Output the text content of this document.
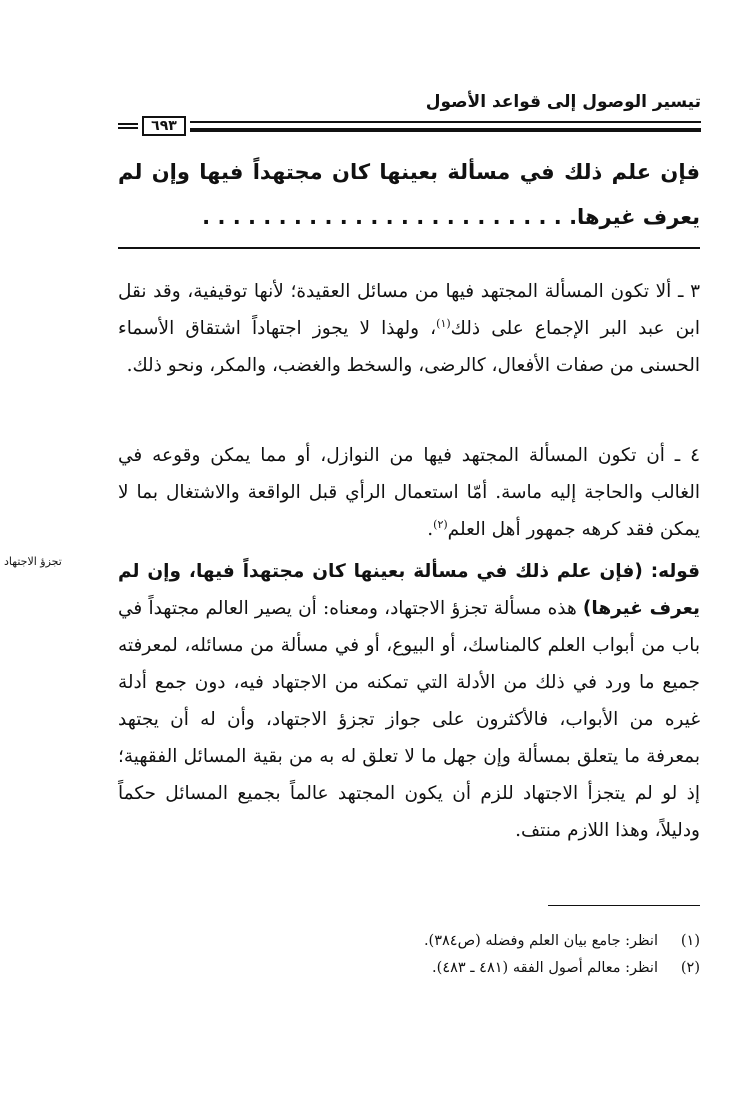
تيسير الوصول إلى قواعد الأصول
٦٩٣
فإن علم ذلك في مسألة بعينها كان مجتهداً فيها وإن لم يعرف غيرها. . . . . . . . . . . . . . . . . . . . . . . . .
٣ ـ ألا تكون المسألة المجتهد فيها من مسائل العقيدة؛ لأنها توقيفية، وقد نقل ابن عبد البر الإجماع على ذلك$^{(١)}$، ولهذا لا يجوز اجتهاداً اشتقاق الأسماء الحسنى من صفات الأفعال، كالرضى، والسخط والغضب، والمكر، ونحو ذلك.
٤ ـ أن تكون المسألة المجتهد فيها من النوازل، أو مما يمكن وقوعه في الغالب والحاجة إليه ماسة. أمّا استعمال الرأي قبل الواقعة والاشتغال بما لا يمكن فقد كرهه جمهور أهل العلم$^{(٢)}$.
تجزؤ الاجتهاد	قوله: (فإن علم ذلك في مسألة بعينها كان مجتهداً فيها، وإن لم يعرف غيرها) هذه مسألة تجزؤ الاجتهاد، ومعناه: أن يصير العالم مجتهداً في باب من أبواب العلم كالمناسك، أو البيوع، أو في مسألة من مسائله، لمعرفته جميع ما ورد في ذلك من الأدلة التي تمكنه من الاجتهاد فيه، دون جمع أدلة غيره من الأبواب، فالأكثرون على جواز تجزؤ الاجتهاد، وأن له أن يجتهد بمعرفة ما يتعلق بمسألة وإن جهل ما لا تعلق له به من بقية المسائل الفقهية؛ إذ لو لم يتجزأ الاجتهاد للزم أن يكون المجتهد عالماً بجميع المسائل حكماً ودليلاً، وهذا اللازم منتف.
(١)انظر: جامع بيان العلم وفضله (ص٣٨٤).
(٢)انظر: معالم أصول الفقه (٤٨١ ـ ٤٨٣).
